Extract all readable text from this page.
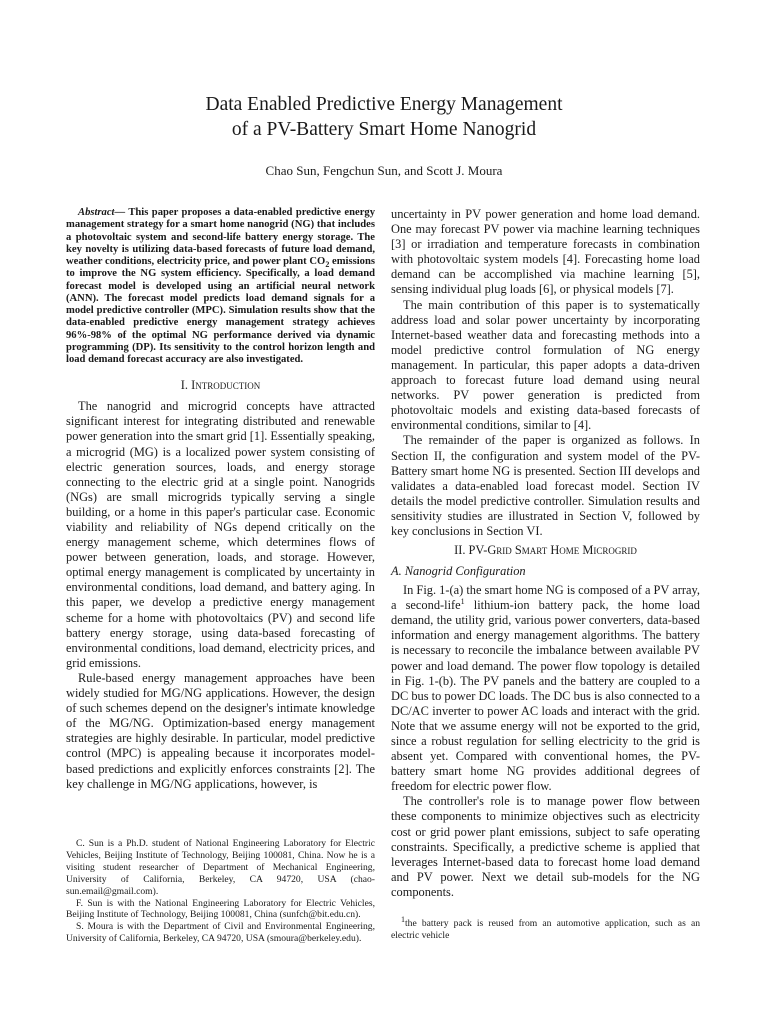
Data Enabled Predictive Energy Management
of a PV-Battery Smart Home Nanogrid
Chao Sun, Fengchun Sun, and Scott J. Moura

Abstract— This paper proposes a data-enabled predictive energy management strategy for a smart home nanogrid (NG) that includes a photovoltaic system and second-life battery energy storage. The key novelty is utilizing data-based forecasts of future load demand, weather conditions, electricity price, and power plant $CO_2$ emissions to improve the NG system efficiency. Specifically, a load demand forecast model is developed using an artificial neural network (ANN). The forecast model predicts load demand signals for a model predictive controller (MPC). Simulation results show that the data-enabled predictive energy management strategy achieves 96%-98% of the optimal NG performance derived via dynamic programming (DP). Its sensitivity to the control horizon length and load demand forecast accuracy are also investigated.

I. Introduction

The nanogrid and microgrid concepts have attracted significant interest for integrating distributed and renewable power generation into the smart grid [1]. Essentially speaking, a microgrid (MG) is a localized power system consisting of electric generation sources, loads, and energy storage connecting to the electric grid at a single point. Nanogrids (NGs) are small microgrids typically serving a single building, or a home in this paper's particular case. Economic viability and reliability of NGs depend critically on the energy management scheme, which determines flows of power between generation, loads, and storage. However, optimal energy management is complicated by uncertainty in environmental conditions, load demand, and battery aging. In this paper, we develop a predictive energy management scheme for a home with photovoltaics (PV) and second life battery energy storage, using data-based forecasting of environmental conditions, load demand, electricity prices, and grid emissions.

Rule-based energy management approaches have been widely studied for MG/NG applications. However, the design of such schemes depend on the designer's intimate knowledge of the MG/NG. Optimization-based energy management strategies are highly desirable. In particular, model predictive control (MPC) is appealing because it incorporates model-based predictions and explicitly enforces constraints [2]. The key challenge in MG/NG applications, however, is

C. Sun is a Ph.D. student of National Engineering Laboratory for Electric Vehicles, Beijing Institute of Technology, Beijing 100081, China. Now he is a visiting student researcher of Department of Mechanical Engineering, University of California, Berkeley, CA 94720, USA (chao-sun.email@gmail.com).

F. Sun is with the National Engineering Laboratory for Electric Vehicles, Beijing Institute of Technology, Beijing 100081, China (sunfch@bit.edu.cn).

S. Moura is with the Department of Civil and Environmental Engineering, University of California, Berkeley, CA 94720, USA (smoura@berkeley.edu).

uncertainty in PV power generation and home load demand. One may forecast PV power via machine learning techniques [3] or irradiation and temperature forecasts in combination with photovoltaic system models [4]. Forecasting home load demand can be accomplished via machine learning [5], sensing individual plug loads [6], or physical models [7].

The main contribution of this paper is to systematically address load and solar power uncertainty by incorporating Internet-based weather data and forecasting methods into a model predictive control formulation of NG energy management. In particular, this paper adopts a data-driven approach to forecast future load demand using neural networks. PV power generation is predicted from photovoltaic models and existing data-based forecasts of environmental conditions, similar to [4].

The remainder of the paper is organized as follows. In Section II, the configuration and system model of the PV-Battery smart home NG is presented. Section III develops and validates a data-enabled load forecast model. Section IV details the model predictive controller. Simulation results and sensitivity studies are illustrated in Section V, followed by key conclusions in Section VI.

II. PV-Grid Smart Home Microgrid
A. Nanogrid Configuration

In Fig. 1-(a) the smart home NG is composed of a PV array, a second-life$^1$ lithium-ion battery pack, the home load demand, the utility grid, various power converters, data-based information and energy management algorithms. The battery is necessary to reconcile the imbalance between available PV power and load demand. The power flow topology is detailed in Fig. 1-(b). The PV panels and the battery are coupled to a DC bus to power DC loads. The DC bus is also connected to a DC/AC inverter to power AC loads and interact with the grid. Note that we assume energy will not be exported to the grid, since a robust regulation for selling electricity to the grid is absent yet. Compared with conventional homes, the PV-battery smart home NG provides additional degrees of freedom for electric power flow.

The controller's role is to manage power flow between these components to minimize objectives such as electricity cost or grid power plant emissions, subject to safe operating constraints. Specifically, a predictive scheme is applied that leverages Internet-based data to forecast home load demand and PV power. Next we detail sub-models for the NG components.

$^1$the battery pack is reused from an automotive application, such as an electric vehicle
